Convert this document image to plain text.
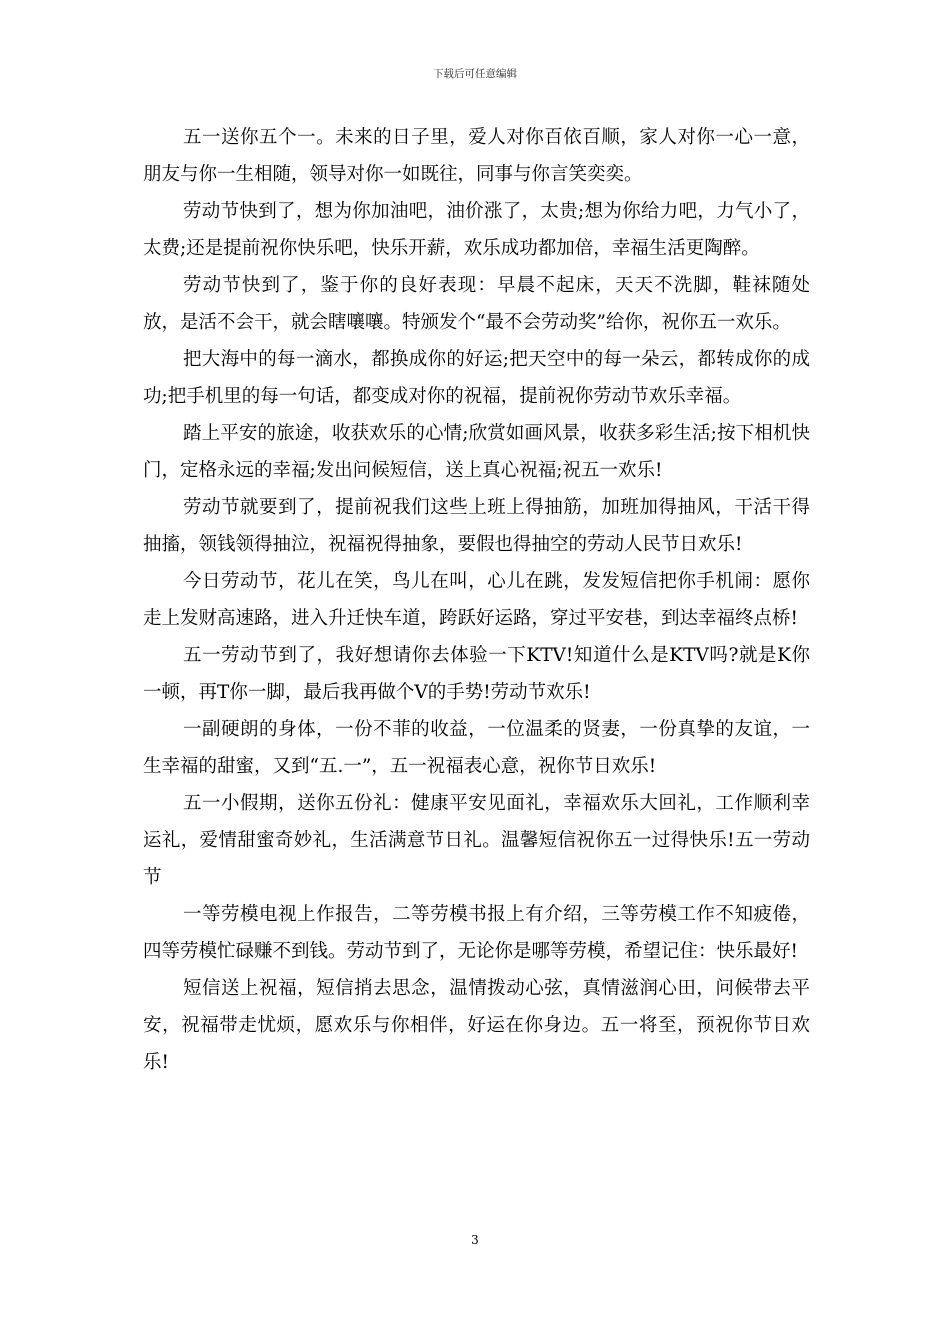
下载后可任意编辑

五一送你五个一。未来的日子里，爱人对你百依百顺，家人对你一心一意，朋友与你一生相随，领导对你一如既往，同事与你言笑奕奕。

劳动节快到了，想为你加油吧，油价涨了，太贵;想为你给力吧，力气小了，太费;还是提前祝你快乐吧，快乐开薪，欢乐成功都加倍，幸福生活更陶醉。

劳动节快到了，鉴于你的良好表现：早晨不起床，天天不洗脚，鞋袜随处放，是活不会干，就会瞎嚷嚷。特颁发个“最不会劳动奖”给你，祝你五一欢乐。

把大海中的每一滴水，都换成你的好运;把天空中的每一朵云，都转成你的成功;把手机里的每一句话，都变成对你的祝福，提前祝你劳动节欢乐幸福。

踏上平安的旅途，收获欢乐的心情;欣赏如画风景，收获多彩生活;按下相机快门，定格永远的幸福;发出问候短信，送上真心祝福;祝五一欢乐!

劳动节就要到了，提前祝我们这些上班上得抽筋，加班加得抽风，干活干得抽搐，领钱领得抽泣，祝福祝得抽象，要假也得抽空的劳动人民节日欢乐!

今日劳动节，花儿在笑，鸟儿在叫，心儿在跳，发发短信把你手机闹：愿你走上发财高速路，进入升迁快车道，跨跃好运路，穿过平安巷，到达幸福终点桥!

五一劳动节到了，我好想请你去体验一下KTV!知道什么是KTV吗?就是K你一顿，再T你一脚，最后我再做个V的手势!劳动节欢乐!

一副硬朗的身体，一份不菲的收益，一位温柔的贤妻，一份真挚的友谊，一生幸福的甜蜜，又到“五.一”，五一祝福表心意，祝你节日欢乐!

五一小假期，送你五份礼：健康平安见面礼，幸福欢乐大回礼，工作顺利幸运礼，爱情甜蜜奇妙礼，生活满意节日礼。温馨短信祝你五一过得快乐!五一劳动节

一等劳模电视上作报告，二等劳模书报上有介绍，三等劳模工作不知疲倦，四等劳模忙碌赚不到钱。劳动节到了，无论你是哪等劳模，希望记住：快乐最好!

短信送上祝福，短信捎去思念，温情拨动心弦，真情滋润心田，问候带去平安，祝福带走忧烦，愿欢乐与你相伴，好运在你身边。五一将至，预祝你节日欢乐!

3
